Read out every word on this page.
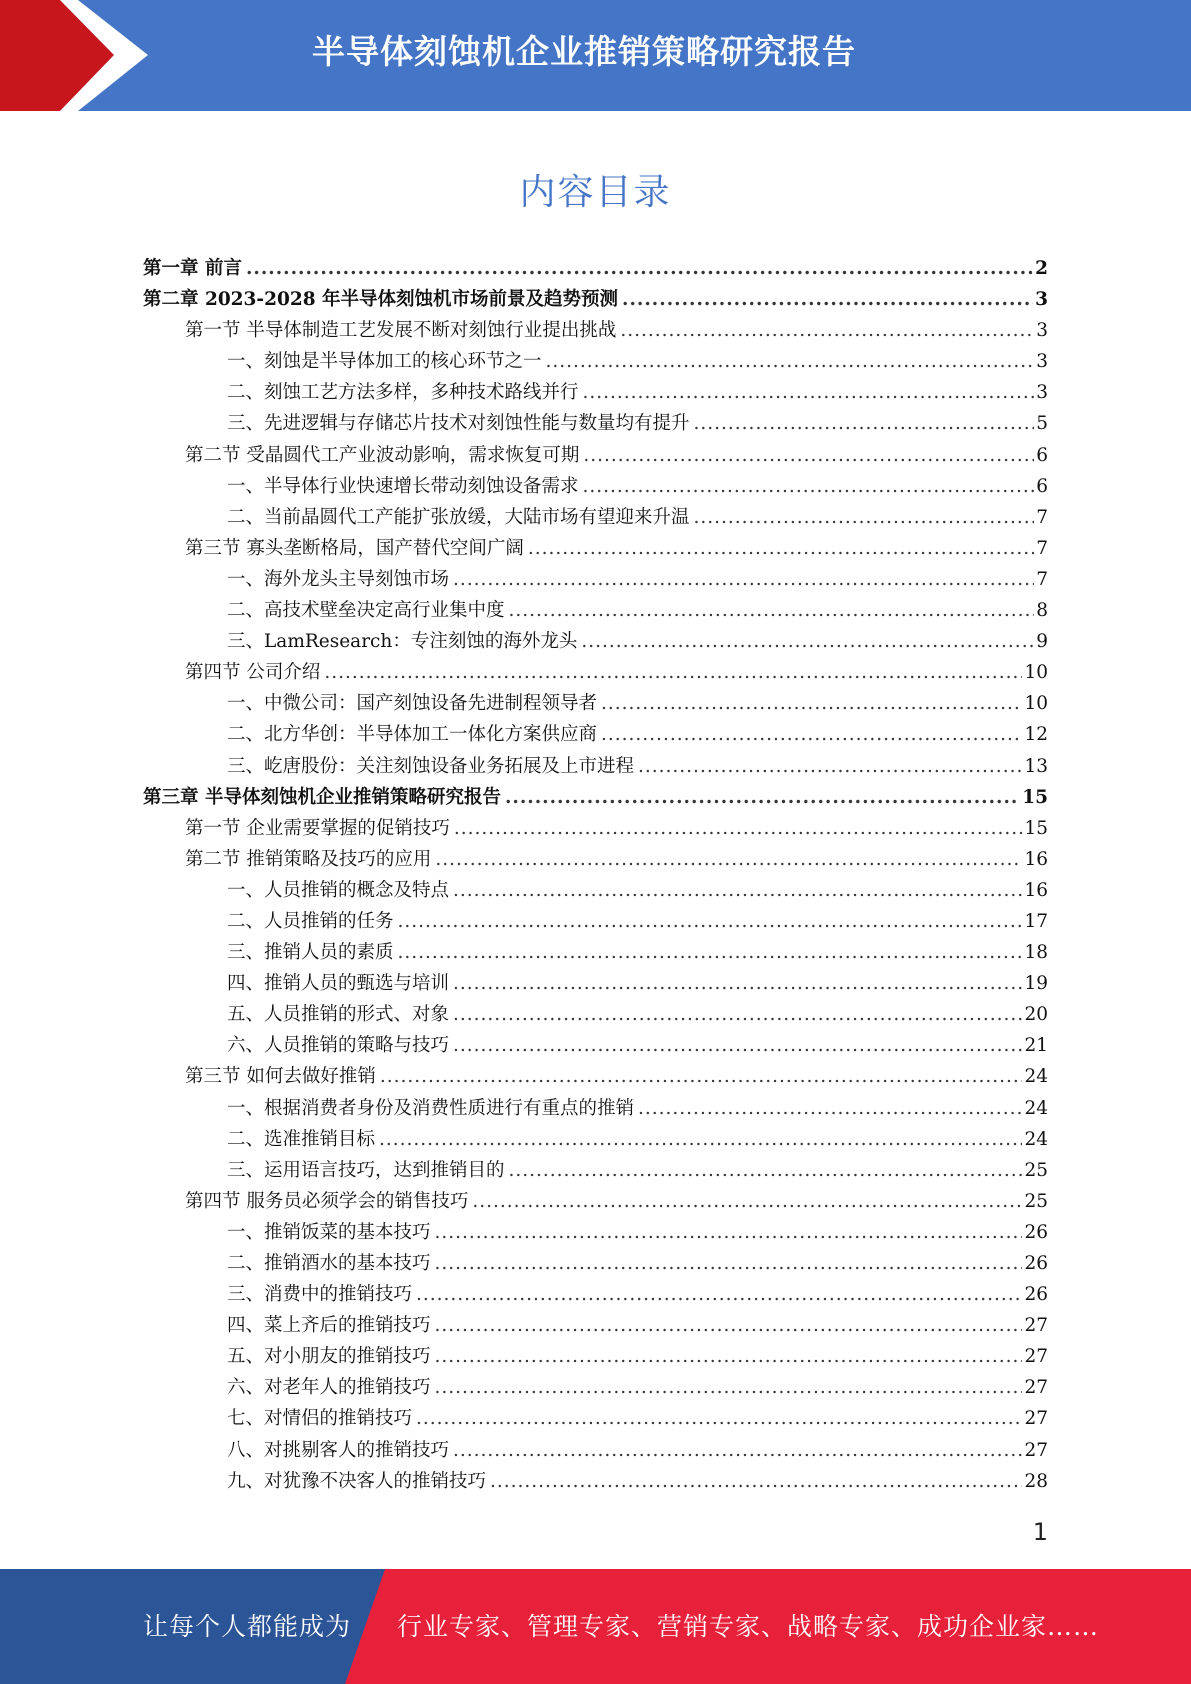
半导体刻蚀机企业推销策略研究报告
内容目录
第一章 前言 .....	2
第二章 2023-2028 年半导体刻蚀机市场前景及趋势预测 .....	3
第一节 半导体制造工艺发展不断对刻蚀行业提出挑战 .....	3
一、刻蚀是半导体加工的核心环节之一 .....	3
二、刻蚀工艺方法多样，多种技术路线并行 .....	3
三、先进逻辑与存储芯片技术对刻蚀性能与数量均有提升 .....	5
第二节 受晶圆代工产业波动影响，需求恢复可期 .....	6
一、半导体行业快速增长带动刻蚀设备需求 .....	6
二、当前晶圆代工产能扩张放缓，大陆市场有望迎来升温 .....	7
第三节 寡头垄断格局，国产替代空间广阔 .....	7
一、海外龙头主导刻蚀市场 .....	7
二、高技术壁垒决定高行业集中度 .....	8
三、LamResearch：专注刻蚀的海外龙头 .....	9
第四节 公司介绍 .....	10
一、中微公司：国产刻蚀设备先进制程领导者 .....	10
二、北方华创：半导体加工一体化方案供应商 .....	12
三、屹唐股份：关注刻蚀设备业务拓展及上市进程 .....	13
第三章 半导体刻蚀机企业推销策略研究报告 .....	15
第一节 企业需要掌握的促销技巧 .....	15
第二节 推销策略及技巧的应用 .....	16
一、人员推销的概念及特点 .....	16
二、人员推销的任务 .....	17
三、推销人员的素质 .....	18
四、推销人员的甄选与培训 .....	19
五、人员推销的形式、对象 .....	20
六、人员推销的策略与技巧 .....	21
第三节 如何去做好推销 .....	24
一、根据消费者身份及消费性质进行有重点的推销 .....	24
二、选准推销目标 .....	24
三、运用语言技巧，达到推销目的 .....	25
第四节 服务员必须学会的销售技巧 .....	25
一、推销饭菜的基本技巧 .....	26
二、推销酒水的基本技巧 .....	26
三、消费中的推销技巧 .....	26
四、菜上齐后的推销技巧 .....	27
五、对小朋友的推销技巧 .....	27
六、对老年人的推销技巧 .....	27
七、对情侣的推销技巧 .....	27
八、对挑剔客人的推销技巧 .....	27
九、对犹豫不决客人的推销技巧 .....	28
1
让每个人都能成为 行业专家、管理专家、营销专家、战略专家、成功企业家……
